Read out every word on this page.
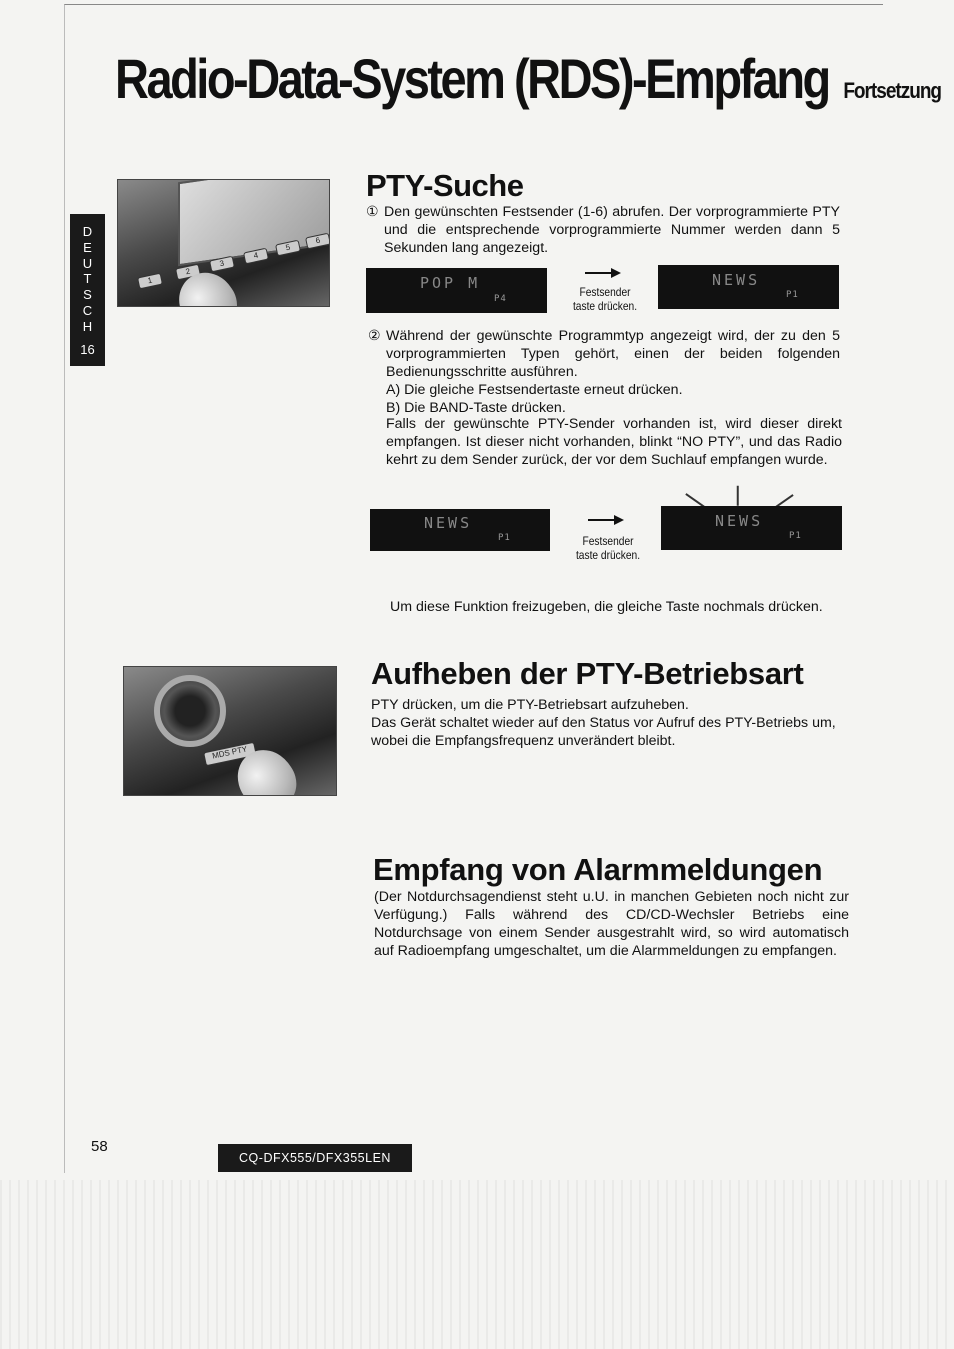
Radio-Data-System (RDS)-Empfang Fortsetzung
D
E
U
T
S
C
H
16
1
2
3
4
5
6
PTY-Suche
① Den gewünschten Festsender (1-6) abrufen. Der vorprogrammierte PTY und die entsprechende vorprogrammierte Nummer werden dann 5 Sekunden lang angezeigt.
POP M
P4	Festsender
taste drücken.
NEWS
P1
② Während der gewünschte Programmtyp angezeigt wird, der zu den 5 vorprogrammierten Typen gehört, einen der beiden folgenden Bedienungsschritte ausführen.
A) Die gleiche Festsendertaste erneut drücken.
B) Die BAND-Taste drücken.
Falls der gewünschte PTY-Sender vorhanden ist, wird dieser direkt empfangen. Ist dieser nicht vorhanden, blinkt “NO PTY”, und das Radio kehrt zu dem Sender zurück, der vor dem Suchlauf empfangen wurde.
NEWS
P1	Festsender
taste drücken.
NEWS
P1
Um diese Funktion freizugeben, die gleiche Taste nochmals drücken.
MDS PTY
Aufheben der PTY-Betriebsart
PTY drücken, um die PTY-Betriebsart aufzuheben.
Das Gerät schaltet wieder auf den Status vor Aufruf des PTY-Betriebs um, wobei die Empfangsfrequenz unverändert bleibt.
Empfang von Alarmmeldungen
(Der Notdurchsagendienst steht u.U. in manchen Gebieten noch nicht zur Verfügung.) Falls während des CD/CD-Wechsler Betriebs eine Notdurchsage von einem Sender ausgestrahlt wird, so wird automatisch auf Radioempfang umgeschaltet, um die Alarmmeldungen zu empfangen.
58
CQ-DFX555/DFX355LEN
